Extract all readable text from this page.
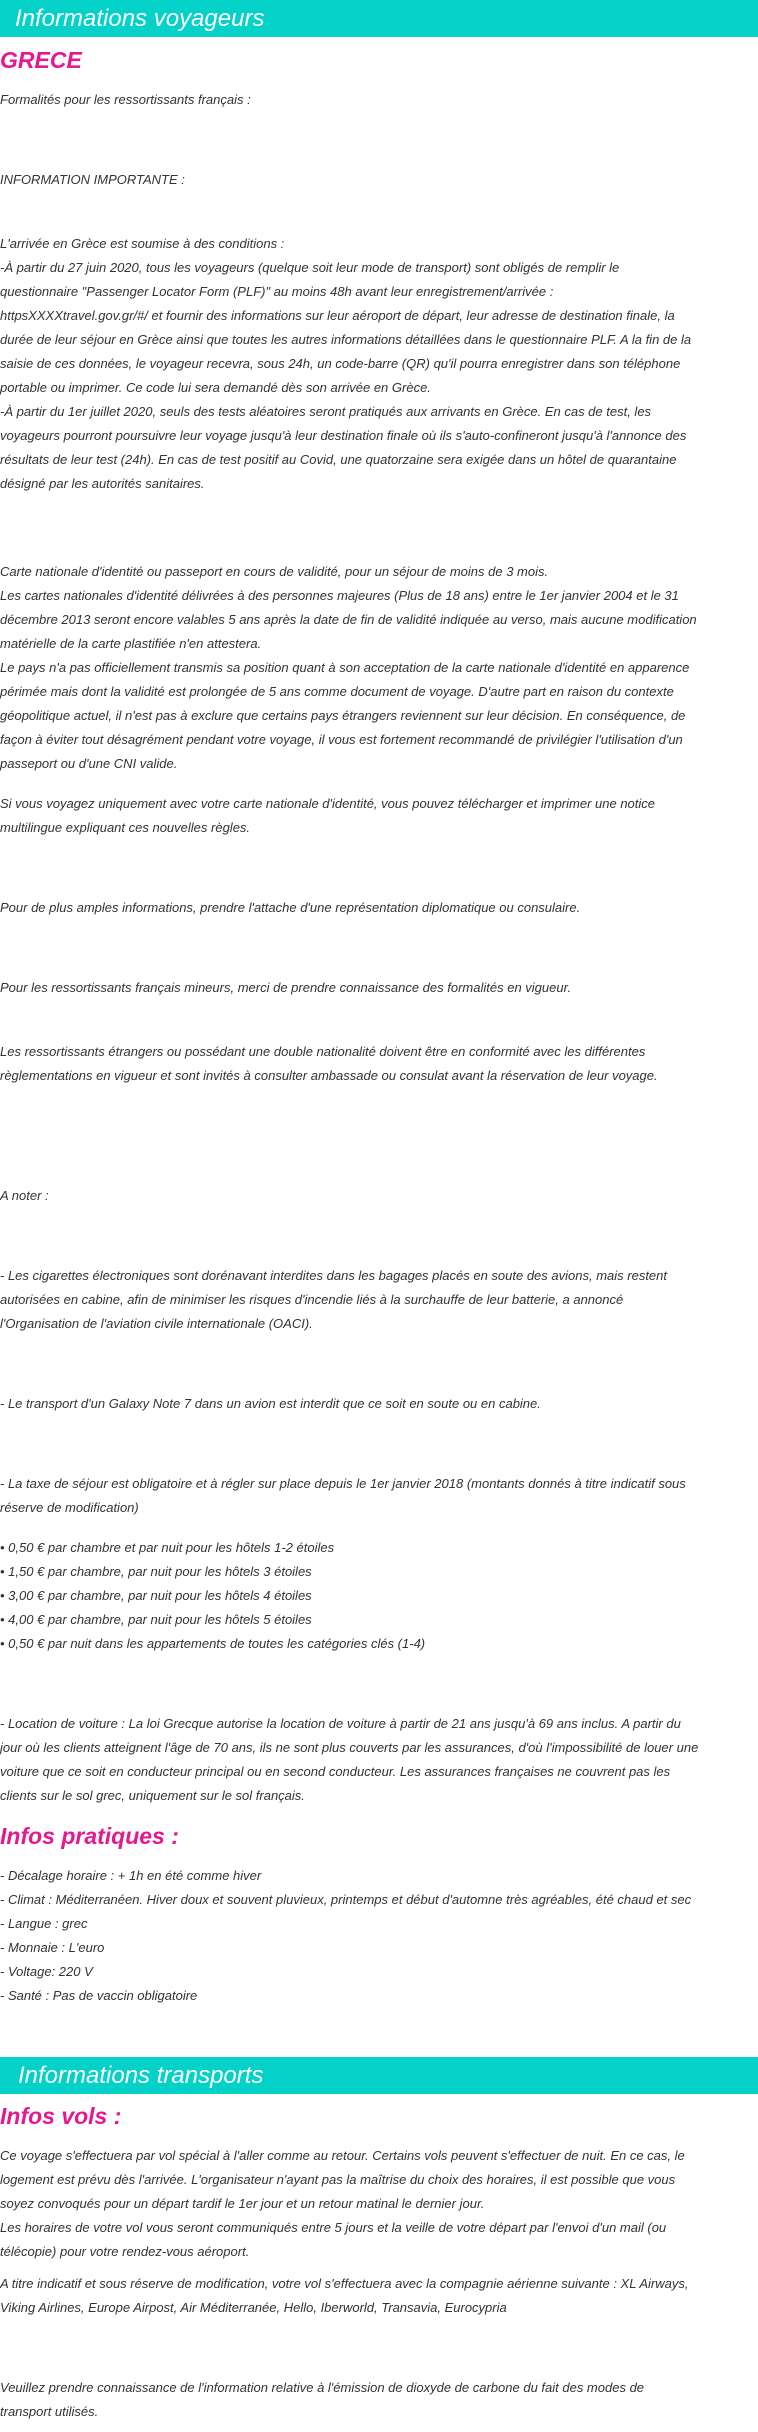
Informations voyageurs
GRECE
Formalités pour les ressortissants français :
INFORMATION IMPORTANTE :
L'arrivée en Grèce est soumise à des conditions :
-À partir du 27 juin 2020, tous les voyageurs (quelque soit leur mode de transport) sont obligés de remplir le
questionnaire "Passenger Locator Form (PLF)" au moins 48h avant leur enregistrement/arrivée :
httpsXXXXtravel.gov.gr/#/ et fournir des informations sur leur aéroport de départ, leur adresse de destination finale, la
durée de leur séjour en Grèce ainsi que toutes les autres informations détaillées dans le questionnaire PLF. A la fin de la
saisie de ces données, le voyageur recevra, sous 24h, un code-barre (QR) qu'il pourra enregistrer dans son téléphone
portable ou imprimer. Ce code lui sera demandé dès son arrivée en Grèce.
-À partir du 1er juillet 2020, seuls des tests aléatoires seront pratiqués aux arrivants en Grèce. En cas de test, les
voyageurs pourront poursuivre leur voyage jusqu'à leur destination finale où ils s'auto-confineront jusqu'à l'annonce des
résultats de leur test (24h). En cas de test positif au Covid, une quatorzaine sera exigée dans un hôtel de quarantaine
désigné par les autorités sanitaires.
Carte nationale d'identité ou passeport en cours de validité, pour un séjour de moins de 3 mois.
Les cartes nationales d'identité délivrées à des personnes majeures (Plus de 18 ans) entre le 1er janvier 2004 et le 31
décembre 2013 seront encore valables 5 ans après la date de fin de validité indiquée au verso, mais aucune modification
matérielle de la carte plastifiée n'en attestera.
Le pays n'a pas officiellement transmis sa position quant à son acceptation de la carte nationale d'identité en apparence
périmée mais dont la validité est prolongée de 5 ans comme document de voyage. D'autre part en raison du contexte
géopolitique actuel, il n'est pas à exclure que certains pays étrangers reviennent sur leur décision. En conséquence, de
façon à éviter tout désagrément pendant votre voyage, il vous est fortement recommandé de privilégier l'utilisation d'un
passeport ou d'une CNI valide.
Si vous voyagez uniquement avec votre carte nationale d'identité, vous pouvez télécharger et imprimer une notice
multilingue expliquant ces nouvelles règles.
Pour de plus amples informations, prendre l'attache d'une représentation diplomatique ou consulaire.
Pour les ressortissants français mineurs, merci de prendre connaissance des formalités en vigueur.
Les ressortissants étrangers ou possédant une double nationalité doivent être en conformité avec les différentes
règlementations en vigueur et sont invités à consulter ambassade ou consulat avant la réservation de leur voyage.
A noter :
- Les cigarettes électroniques sont dorénavant interdites dans les bagages placés en soute des avions, mais restent
autorisées en cabine, afin de minimiser les risques d'incendie liés à la surchauffe de leur batterie, a annoncé
l'Organisation de l'aviation civile internationale (OACI).
- Le transport d'un Galaxy Note 7 dans un avion est interdit que ce soit en soute ou en cabine.
- La taxe de séjour est obligatoire et à régler sur place depuis le 1er janvier 2018 (montants donnés à titre indicatif sous
réserve de modification)
• 0,50 € par chambre et par nuit pour les hôtels 1-2 étoiles
• 1,50 € par chambre, par nuit pour les hôtels 3 étoiles
• 3,00 € par chambre, par nuit pour les hôtels 4 étoiles
• 4,00 € par chambre, par nuit pour les hôtels 5 étoiles
• 0,50 € par nuit dans les appartements de toutes les catégories clés (1-4)
- Location de voiture : La loi Grecque autorise la location de voiture à partir de 21 ans jusqu'à 69 ans inclus. A partir du
jour où les clients atteignent l'âge de 70 ans, ils ne sont plus couverts par les assurances, d'où l'impossibilité de louer une
voiture que ce soit en conducteur principal ou en second conducteur. Les assurances françaises ne couvrent pas les
clients sur le sol grec, uniquement sur le sol français.
Infos pratiques :
- Décalage horaire : + 1h en été comme hiver
- Climat : Méditerranéen. Hiver doux et souvent pluvieux, printemps et début d'automne très agréables, été chaud et sec
- Langue : grec
- Monnaie : L'euro
- Voltage: 220 V
- Santé : Pas de vaccin obligatoire
Informations transports
Infos vols :
Ce voyage s'effectuera par vol spécial à l'aller comme au retour. Certains vols peuvent s'effectuer de nuit. En ce cas, le
logement est prévu dès l'arrivée. L'organisateur n'ayant pas la maîtrise du choix des horaires, il est possible que vous
soyez convoqués pour un départ tardif le 1er jour et un retour matinal le dernier jour.
Les horaires de votre vol vous seront communiqués entre 5 jours et la veille de votre départ par l'envoi d'un mail (ou
télécopie) pour votre rendez-vous aéroport.
A titre indicatif et sous réserve de modification, votre vol s'effectuera avec la compagnie aérienne suivante : XL Airways,
Viking Airlines, Europe Airpost, Air Méditerranée, Hello, Iberworld, Transavia, Eurocypria
Veuillez prendre connaissance de l'information relative à l'émission de dioxyde de carbone du fait des modes de
transport utilisés.
